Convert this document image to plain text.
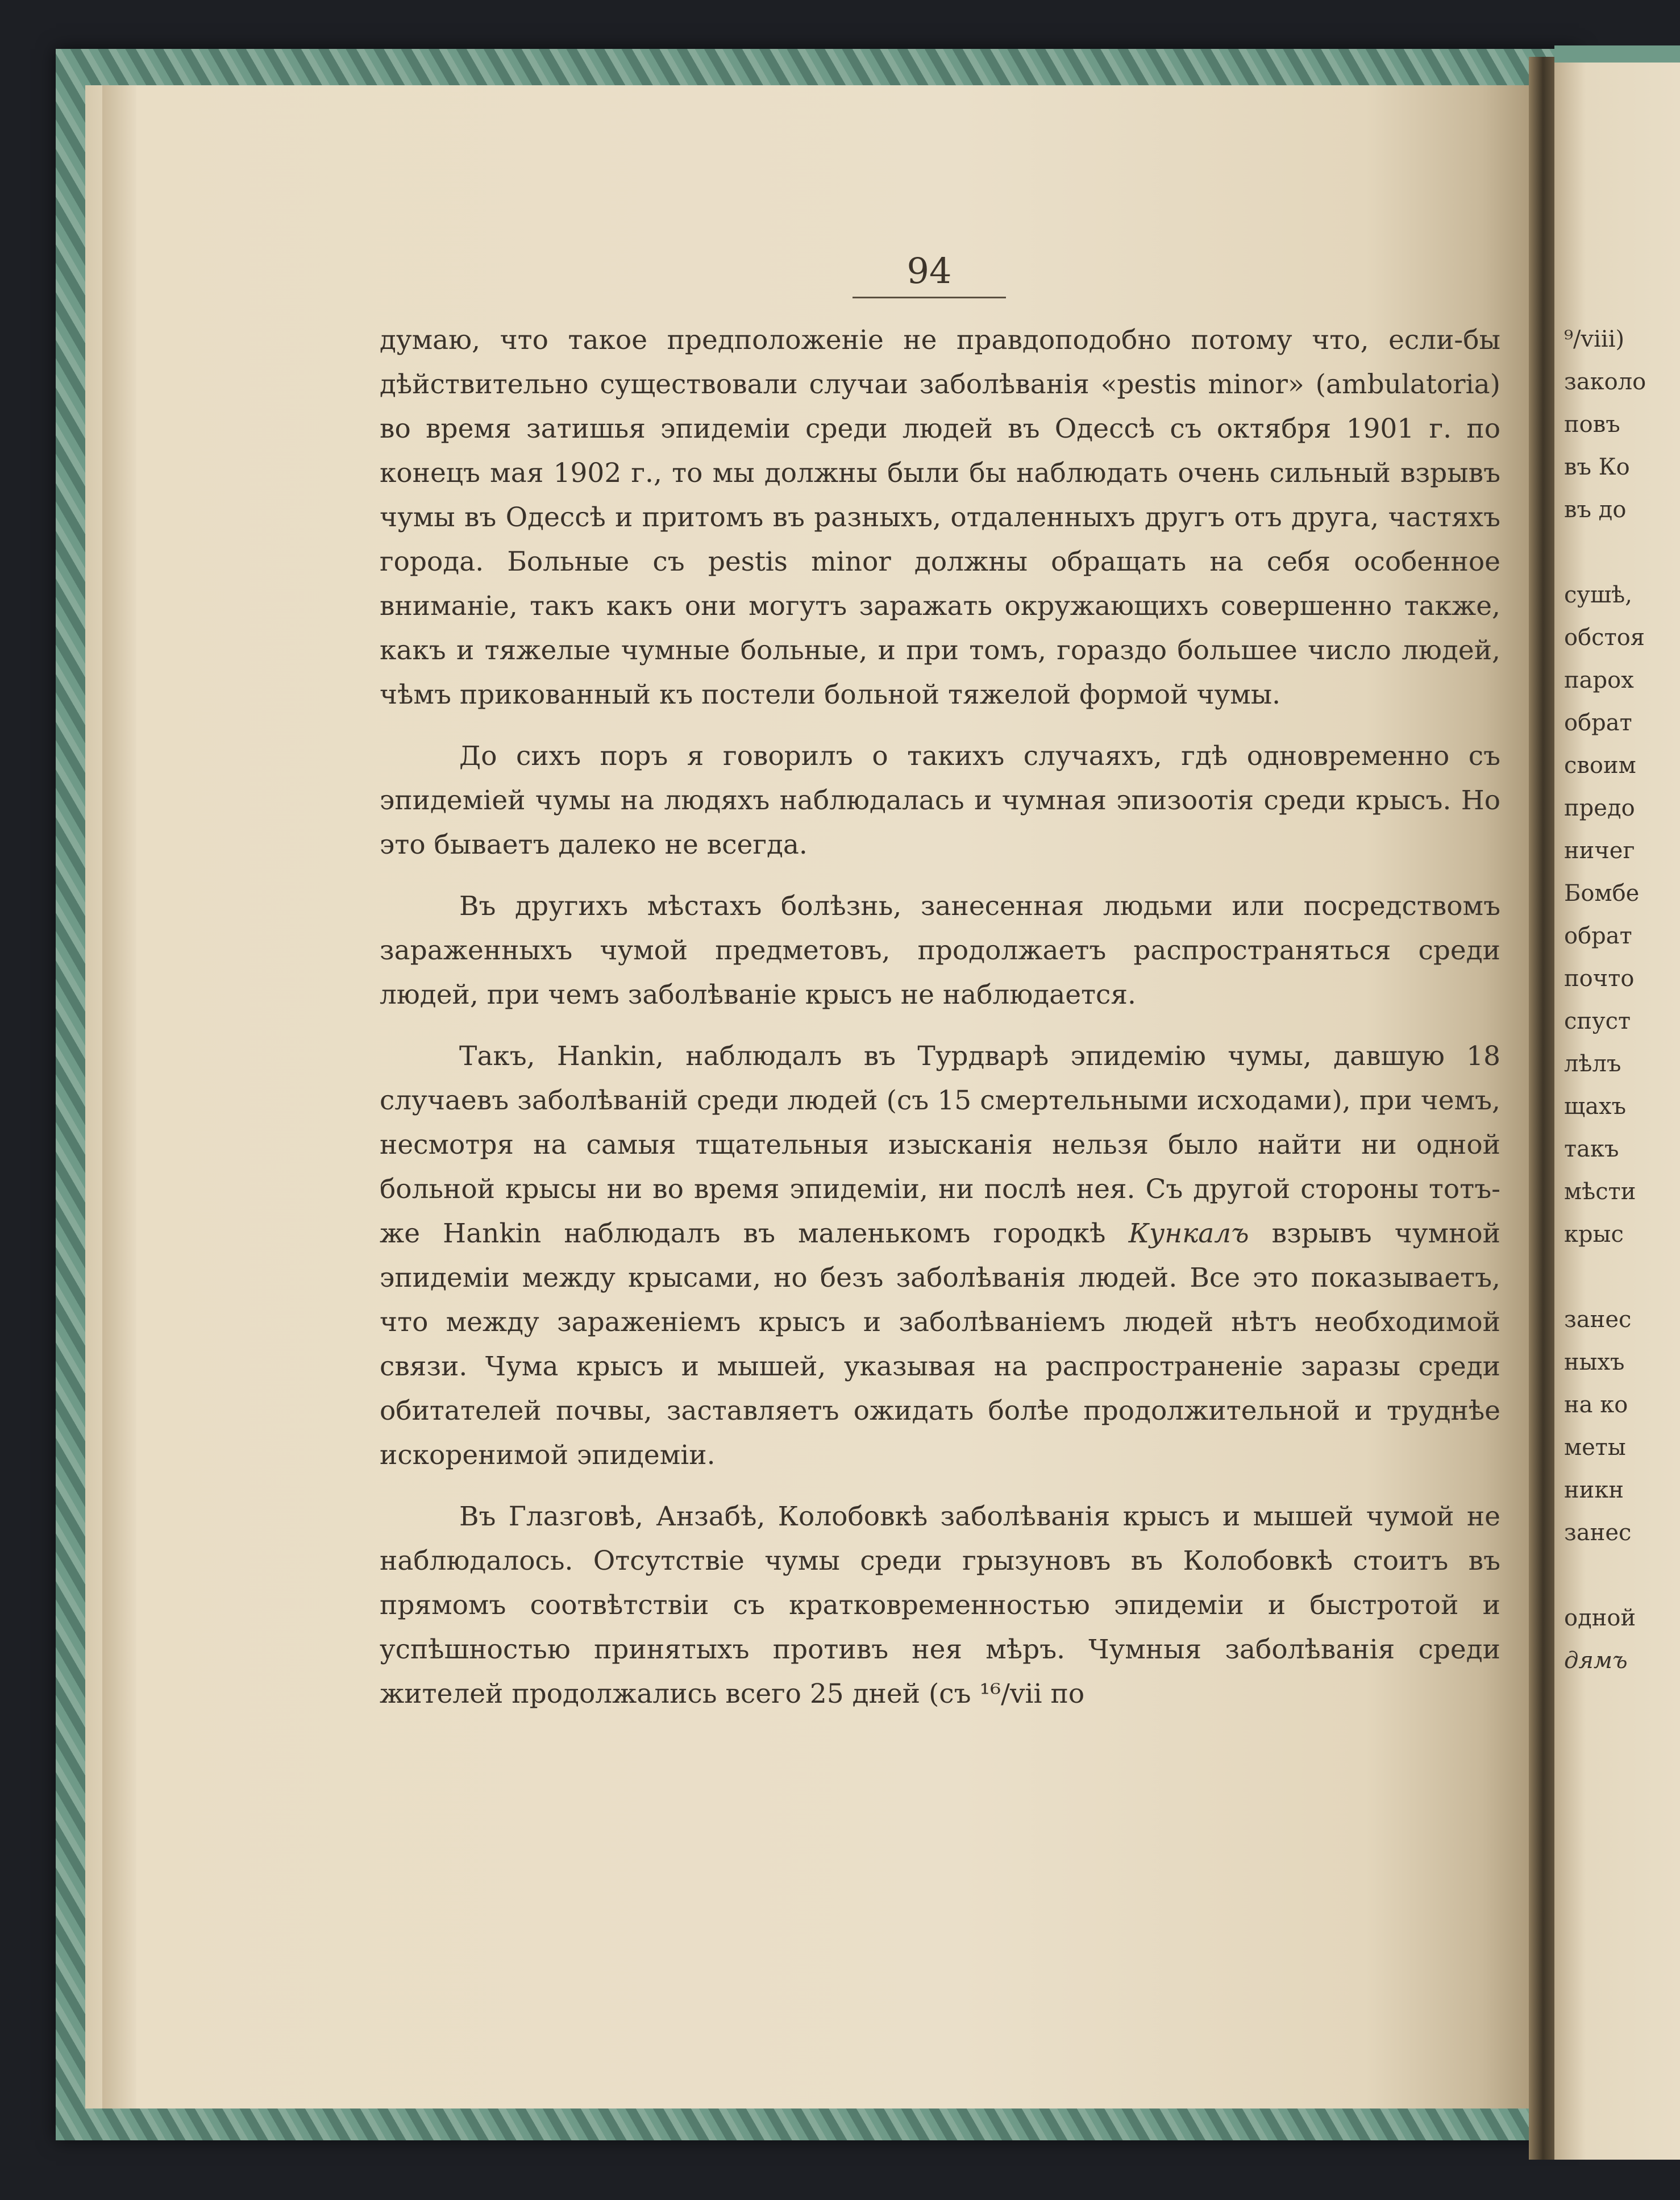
94

думаю, что такое предположеніе не правдоподобно потому что, если-бы дѣйствительно существовали случаи заболѣванія «pestis minor» (ambulatoria) во время затишья эпидеміи среди людей въ Одессѣ съ октября 1901 г. по конецъ мая 1902 г., то мы должны были бы наблюдать очень сильный взрывъ чумы въ Одессѣ и притомъ въ разныхъ, отдаленныхъ другъ отъ друга, частяхъ города. Больные съ pestis minor должны обращать на себя особенное вниманіе, такъ какъ они могутъ заражать окружающихъ совершенно также, какъ и тяжелые чумные больные, и при томъ, гораздо большее число людей, чѣмъ прикованный къ постели больной тяжелой формой чумы.

До сихъ поръ я говорилъ о такихъ случаяхъ, гдѣ одновременно съ эпидеміей чумы на людяхъ наблюдалась и чумная эпизоотія среди крысъ. Но это бываетъ далеко не всегда.

Въ другихъ мѣстахъ болѣзнь, занесенная людьми или посредствомъ зараженныхъ чумой предметовъ, продолжаетъ распространяться среди людей, при чемъ заболѣваніе крысъ не наблюдается.

Такъ, Hankin, наблюдалъ въ Турдварѣ эпидемію чумы, давшую 18 случаевъ заболѣваній среди людей (съ 15 смертельными исходами), при чемъ, несмотря на самыя тщательныя изысканія нельзя было найти ни одной больной крысы ни во время эпидеміи, ни послѣ нея. Съ другой стороны тотъ-же Hankin наблюдалъ въ маленькомъ городкѣ Кункалъ взрывъ чумной эпидеміи между крысами, но безъ заболѣванія людей. Все это показываетъ, что между зараженіемъ крысъ и заболѣваніемъ людей нѣтъ необходимой связи. Чума крысъ и мышей, указывая на распространеніе заразы среди обитателей почвы, заставляетъ ожидать болѣе продолжительной и труднѣе искоренимой эпидеміи.

Въ Глазговѣ, Анзабѣ, Колобовкѣ заболѣванія крысъ и мышей чумой не наблюдалось. Отсутствіе чумы среди грызуновъ въ Колобовкѣ стоитъ въ прямомъ соотвѣтствіи съ кратковременностью эпидеміи и быстротой и успѣшностью принятыхъ противъ нея мѣръ. Чумныя заболѣванія среди жителей продолжались всего 25 дней (съ ¹⁶/vii по

⁹/viii)
заколо
повъ
въ Ко
въ до
сушѣ,
обстоя
парох
обрат
своим
предо
ничег
Бомбе
обрат
почто
спуст
лѣлъ
щахъ
такъ
мѣсти
крыс
занес
ныхъ
на ко
меты
никн
занес
одной
дямъ
